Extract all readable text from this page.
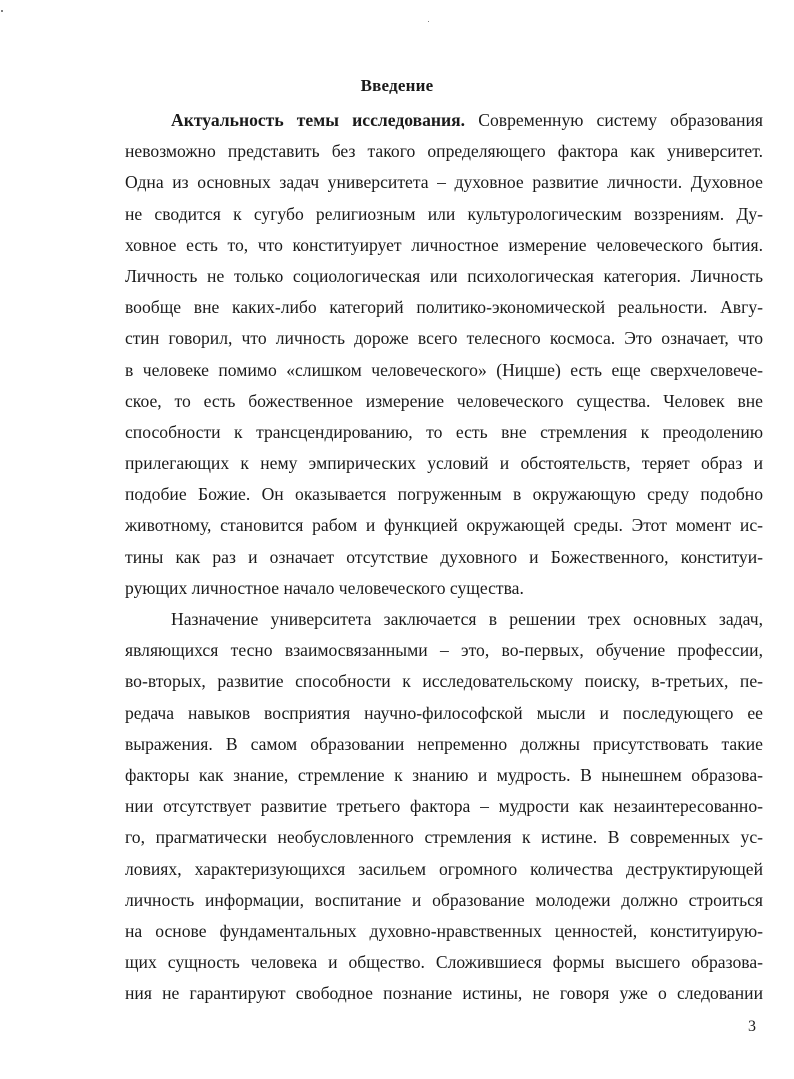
Введение
Актуальность темы исследования. Современную систему образования
невозможно представить без такого определяющего фактора как университет.
Одна из основных задач университета – духовное развитие личности. Духовное
не сводится к сугубо религиозным или культурологическим воззрениям. Ду-
ховное есть то, что конституирует личностное измерение человеческого бытия.
Личность не только социологическая или психологическая категория. Личность
вообще вне каких-либо категорий политико-экономической реальности. Авгу-
стин говорил, что личность дороже всего телесного космоса. Это означает, что
в человеке помимо «слишком человеческого» (Ницше) есть еще сверхчеловече-
ское, то есть божественное измерение человеческого существа. Человек вне
способности к трансцендированию, то есть вне стремления к преодолению
прилегающих к нему эмпирических условий и обстоятельств, теряет образ и
подобие Божие. Он оказывается погруженным в окружающую среду подобно
животному, становится рабом и функцией окружающей среды. Этот момент ис-
тины как раз и означает отсутствие духовного и Божественного, конституи-
рующих личностное начало человеческого существа.
Назначение университета заключается в решении трех основных задач,
являющихся тесно взаимосвязанными – это, во-первых, обучение профессии,
во-вторых, развитие способности к исследовательскому поиску, в-третьих, пе-
редача навыков восприятия научно-философской мысли и последующего ее
выражения. В самом образовании непременно должны присутствовать такие
факторы как знание, стремление к знанию и мудрость. В нынешнем образова-
нии отсутствует развитие третьего фактора – мудрости как незаинтересованно-
го, прагматически необусловленного стремления к истине. В современных ус-
ловиях, характеризующихся засильем огромного количества деструктирующей
личность информации, воспитание и образование молодежи должно строиться
на основе фундаментальных духовно-нравственных ценностей, конституирую-
щих сущность человека и общество. Сложившиеся формы высшего образова-
ния не гарантируют свободное познание истины, не говоря уже о следовании
3
